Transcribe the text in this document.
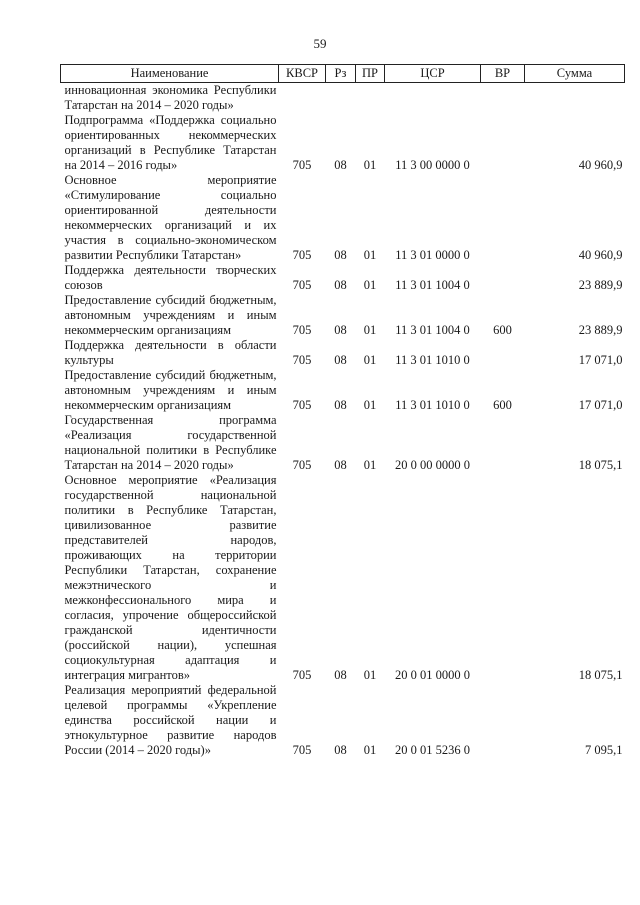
59
Наименование	КВСР	Рз	ПР	ЦСР	ВР	Сумма
инновационная экономика Республики Татарстан на 2014 – 2020 годы»						
Подпрограмма «Поддержка социально ориентированных некоммерческих организаций в Республике Татарстан на 2014 – 2016 годы»	705	08	01	11 3 00 0000 0		40 960,9
Основное мероприятие «Стимулирование социально ориентированной деятельности некоммерческих организаций и их участия в социально-экономическом развитии Республики Татарстан»	705	08	01	11 3 01 0000 0		40 960,9
Поддержка деятельности творческих союзов	705	08	01	11 3 01 1004 0		23 889,9
Предоставление субсидий бюджетным, автономным учреждениям и иным некоммерческим организациям	705	08	01	11 3 01 1004 0	600	23 889,9
Поддержка деятельности в области культуры	705	08	01	11 3 01 1010 0		17 071,0
Предоставление субсидий бюджетным, автономным учреждениям и иным некоммерческим организациям	705	08	01	11 3 01 1010 0	600	17 071,0
Государственная программа «Реализация государственной национальной политики в Республике Татарстан на 2014 – 2020 годы»	705	08	01	20 0 00 0000 0		18 075,1
Основное мероприятие «Реализация государственной национальной политики в Республике Татарстан, цивилизованное развитие представителей народов, проживающих на территории Республики Татарстан, сохранение межэтнического и межконфессионального мира и согласия, упрочение общероссийской гражданской идентичности (российской нации), успешная социокультурная адаптация и интеграция мигрантов»	705	08	01	20 0 01 0000 0		18 075,1
Реализация мероприятий федеральной целевой программы «Укрепление единства российской нации и этнокультурное развитие народов России (2014 – 2020 годы)»	705	08	01	20 0 01 5236 0		7 095,1
